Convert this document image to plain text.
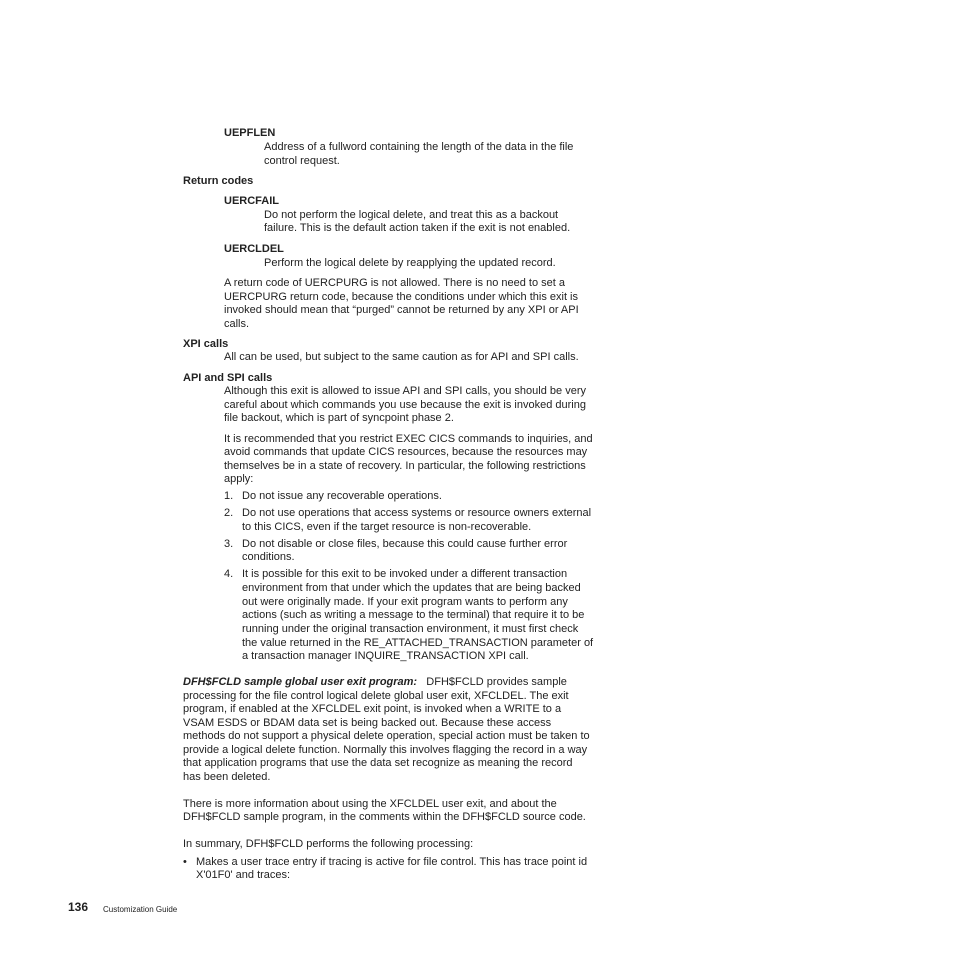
UEPFLEN
Address of a fullword containing the length of the data in the file
control request.
Return codes
UERCFAIL
Do not perform the logical delete, and treat this as a backout
failure. This is the default action taken if the exit is not enabled.
UERCLDEL
Perform the logical delete by reapplying the updated record.
A return code of UERCPURG is not allowed. There is no need to set a
UERCPURG return code, because the conditions under which this exit is
invoked should mean that “purged” cannot be returned by any XPI or API
calls.
XPI calls
All can be used, but subject to the same caution as for API and SPI calls.
API and SPI calls
Although this exit is allowed to issue API and SPI calls, you should be very
careful about which commands you use because the exit is invoked during
file backout, which is part of syncpoint phase 2.
It is recommended that you restrict EXEC CICS commands to inquiries, and
avoid commands that update CICS resources, because the resources may
themselves be in a state of recovery. In particular, the following restrictions
apply:
1. Do not issue any recoverable operations.
2. Do not use operations that access systems or resource owners external
to this CICS, even if the target resource is non-recoverable.
3. Do not disable or close files, because this could cause further error
conditions.
4. It is possible for this exit to be invoked under a different transaction
environment from that under which the updates that are being backed
out were originally made. If your exit program wants to perform any
actions (such as writing a message to the terminal) that require it to be
running under the original transaction environment, it must first check
the value returned in the RE_ATTACHED_TRANSACTION parameter of
a transaction manager INQUIRE_TRANSACTION XPI call.
DFH$FCLD sample global user exit program: DFH$FCLD provides sample
processing for the file control logical delete global user exit, XFCLDEL. The exit
program, if enabled at the XFCLDEL exit point, is invoked when a WRITE to a
VSAM ESDS or BDAM data set is being backed out. Because these access
methods do not support a physical delete operation, special action must be taken to
provide a logical delete function. Normally this involves flagging the record in a way
that application programs that use the data set recognize as meaning the record
has been deleted.
There is more information about using the XFCLDEL user exit, and about the
DFH$FCLD sample program, in the comments within the DFH$FCLD source code.
In summary, DFH$FCLD performs the following processing:
• Makes a user trace entry if tracing is active for file control. This has trace point id
X'01F0' and traces:
136 Customization Guide
